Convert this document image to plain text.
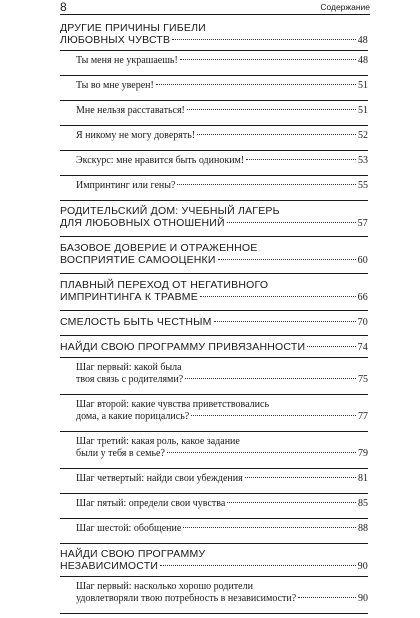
8	Содержание
ДРУГИЕ ПРИЧИНЫ ГИБЕЛИ
ЛЮБОВНЫХ ЧУВСТВ	48
Ты меня не украшаешь!	48
Ты во мне уверен!	51
Мне нельзя расставаться!	51
Я никому не могу доверять!	52
Экскурс: мне нравится быть одиноким!	53
Импринтинг или гены?	55
РОДИТЕЛЬСКИЙ ДОМ: УЧЕБНЫЙ ЛАГЕРЬ
ДЛЯ ЛЮБОВНЫХ ОТНОШЕНИЙ	57
БАЗОВОЕ ДОВЕРИЕ И ОТРАЖЕННОЕ
ВОСПРИЯТИЕ САМООЦЕНКИ	60
ПЛАВНЫЙ ПЕРЕХОД ОТ НЕГАТИВНОГО
ИМПРИНТИНГА К ТРАВМЕ	66
СМЕЛОСТЬ БЫТЬ ЧЕСТНЫМ	70
НАЙДИ СВОЮ ПРОГРАММУ ПРИВЯЗАННОСТИ	74
Шаг первый: какой была
твоя связь с родителями?	75
Шаг второй: какие чувства приветствовались
дома, а какие порицались?	77
Шаг третий: какая роль, какое задание
были у тебя в семье?	79
Шаг четвертый: найди свои убеждения	81
Шаг пятый: определи свои чувства	85
Шаг шестой: обобщение	88
НАЙДИ СВОЮ ПРОГРАММУ
НЕЗАВИСИМОСТИ	90
Шаг первый: насколько хорошо родители
удовлетворяли твою потребность в независимости?	90
